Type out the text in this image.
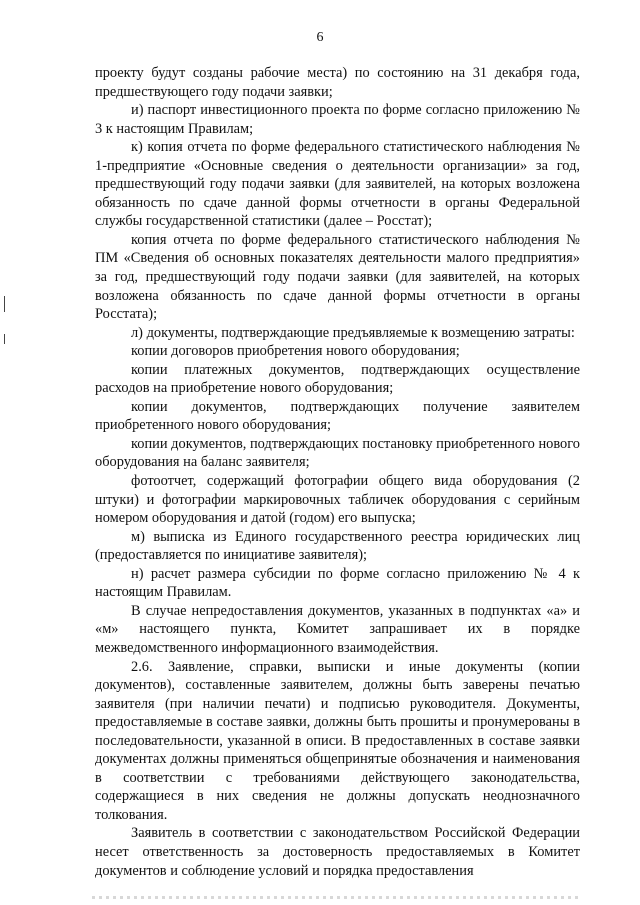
6

проекту будут созданы рабочие места) по состоянию на 31 декабря года, предшествующего году подачи заявки;

и) паспорт инвестиционного проекта по форме согласно приложению № 3 к настоящим Правилам;

к) копия отчета по форме федерального статистического наблюдения № 1-предприятие «Основные сведения о деятельности организации» за год, предшествующий году подачи заявки (для заявителей, на которых возложена обязанность по сдаче данной формы отчетности в органы Федеральной службы государственной статистики (далее – Росстат);

копия отчета по форме федерального статистического наблюдения № ПМ «Сведения об основных показателях деятельности малого предприятия» за год, предшествующий году подачи заявки (для заявителей, на которых возложена обязанность по сдаче данной формы отчетности в органы Росстата);

л) документы, подтверждающие предъявляемые к возмещению затраты:

копии договоров приобретения нового оборудования;

копии платежных документов, подтверждающих осуществление расходов на приобретение нового оборудования;

копии документов, подтверждающих получение заявителем приобретенного нового оборудования;

копии документов, подтверждающих постановку приобретенного нового оборудования на баланс заявителя;

фотоотчет, содержащий фотографии общего вида оборудования (2 штуки) и фотографии маркировочных табличек оборудования с серийным номером оборудования и датой (годом) его выпуска;

м) выписка из Единого государственного реестра юридических лиц (предоставляется по инициативе заявителя);

н) расчет размера субсидии по форме согласно приложению № 4 к настоящим Правилам.

В случае непредоставления документов, указанных в подпунктах «а» и «м» настоящего пункта, Комитет запрашивает их в порядке межведомственного информационного взаимодействия.

2.6. Заявление, справки, выписки и иные документы (копии документов), составленные заявителем, должны быть заверены печатью заявителя (при наличии печати) и подписью руководителя. Документы, предоставляемые в составе заявки, должны быть прошиты и пронумерованы в последовательности, указанной в описи. В предоставленных в составе заявки документах должны применяться общепринятые обозначения и наименования в соответствии с требованиями действующего законодательства, содержащиеся в них сведения не должны допускать неоднозначного толкования.

Заявитель в соответствии с законодательством Российской Федерации несет ответственность за достоверность предоставляемых в Комитет документов и соблюдение условий и порядка предоставления
